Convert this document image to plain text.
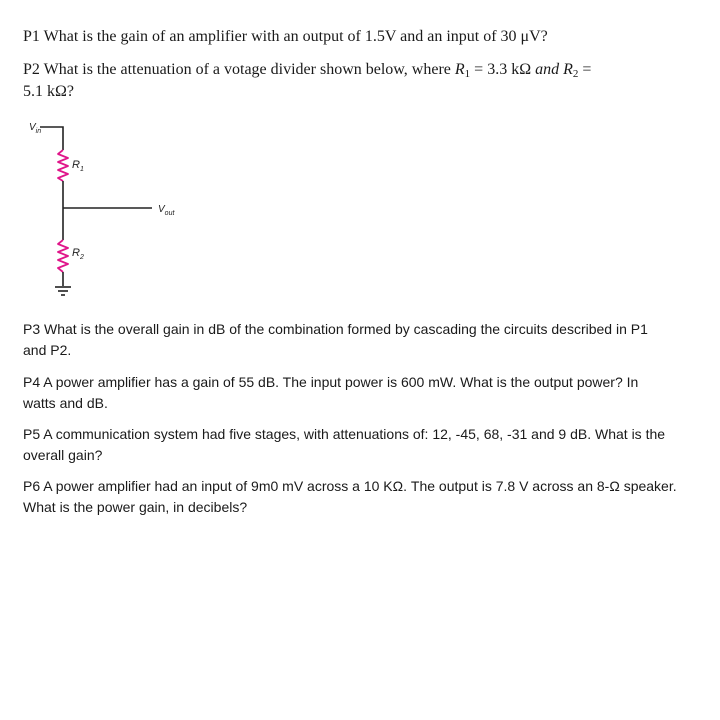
P1 What is the gain of an amplifier with an output of 1.5V and an input of 30 μV?
P2 What is the attenuation of a votage divider shown below, where $R_1 = 3.3$ kΩ and $R_2$ =
5.1 kΩ?
$V_{in}$
$R_1$
$V_{out}$
$R_2$
P3 What is the overall gain in dB of the combination formed by cascading the circuits described in P1
and P2.
P4 A power amplifier has a gain of 55 dB. The input power is 600 mW. What is the output power? In
watts and dB.
P5 A communication system had five stages, with attenuations of: 12, -45, 68, -31 and 9 dB. What is the
overall gain?
P6 A power amplifier had an input of 9m0 mV across a 10 KΩ. The output is 7.8 V across an 8-Ω speaker.
What is the power gain, in decibels?
